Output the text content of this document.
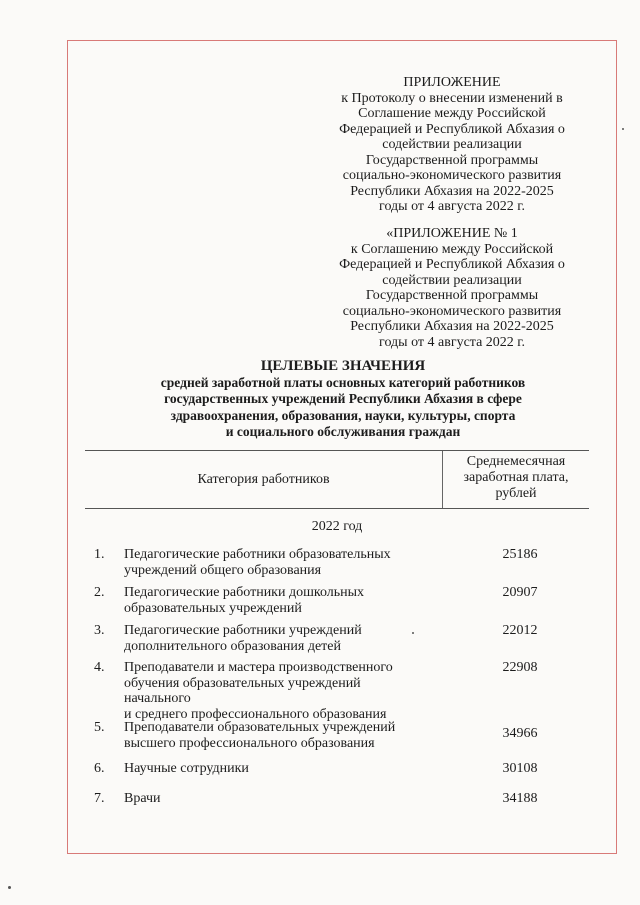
ПРИЛОЖЕНИЕ
к Протоколу о внесении изменений в
Соглашение между Российской
Федерацией и Республикой Абхазия о
содействии реализации
Государственной программы
социально-экономического развития
Республики Абхазия на 2022-2025
годы от 4 августа 2022 г.
«ПРИЛОЖЕНИЕ № 1
к Соглашению между Российской
Федерацией и Республикой Абхазия о
содействии реализации
Государственной программы
социально-экономического развития
Республики Абхазия на 2022-2025
годы от 4 августа 2022 г.
ЦЕЛЕВЫЕ ЗНАЧЕНИЯ
средней заработной платы основных категорий работников
государственных учреждений Республики Абхазия в сфере
здравоохранения, образования, науки, культуры, спорта
и социального обслуживания граждан
Категория работников
Среднемесячная
заработная плата,
рублей
2022 год
1. Педагогические работники образовательных
учреждений общего образования
25186
2. Педагогические работники дошкольных
образовательных учреждений
20907
3. Педагогические работники учреждений
дополнительного образования детей
22012
4. Преподаватели и мастера производственного
обучения образовательных учреждений
начального
и среднего профессионального образования
22908
5. Преподаватели образовательных учреждений
высшего профессионального образования
34966
6. Научные сотрудники	30108
7. Врачи	34188
